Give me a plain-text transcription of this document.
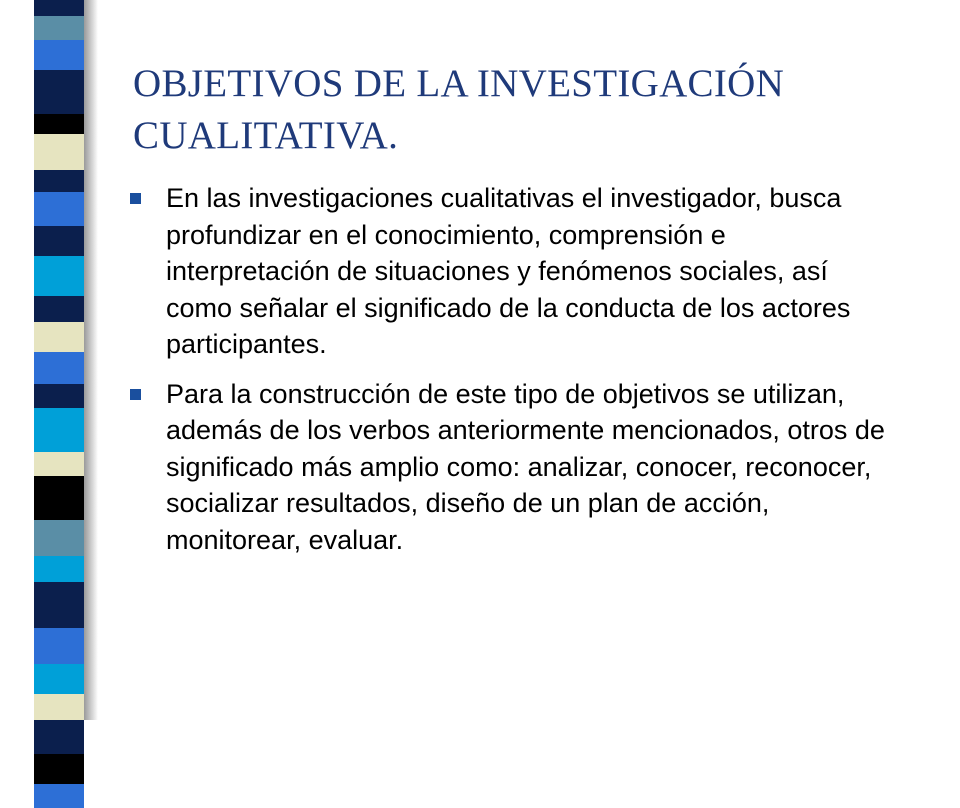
OBJETIVOS DE LA INVESTIGACIÓN CUALITATIVA.
En las investigaciones cualitativas el investigador, busca profundizar en el conocimiento, comprensión e interpretación de situaciones y fenómenos sociales, así como señalar el significado de la conducta de los actores participantes.
Para la construcción de este tipo de objetivos se utilizan, además de los verbos anteriormente mencionados, otros de significado más amplio como: analizar, conocer, reconocer, socializar resultados, diseño de un plan de acción, monitorear, evaluar.
